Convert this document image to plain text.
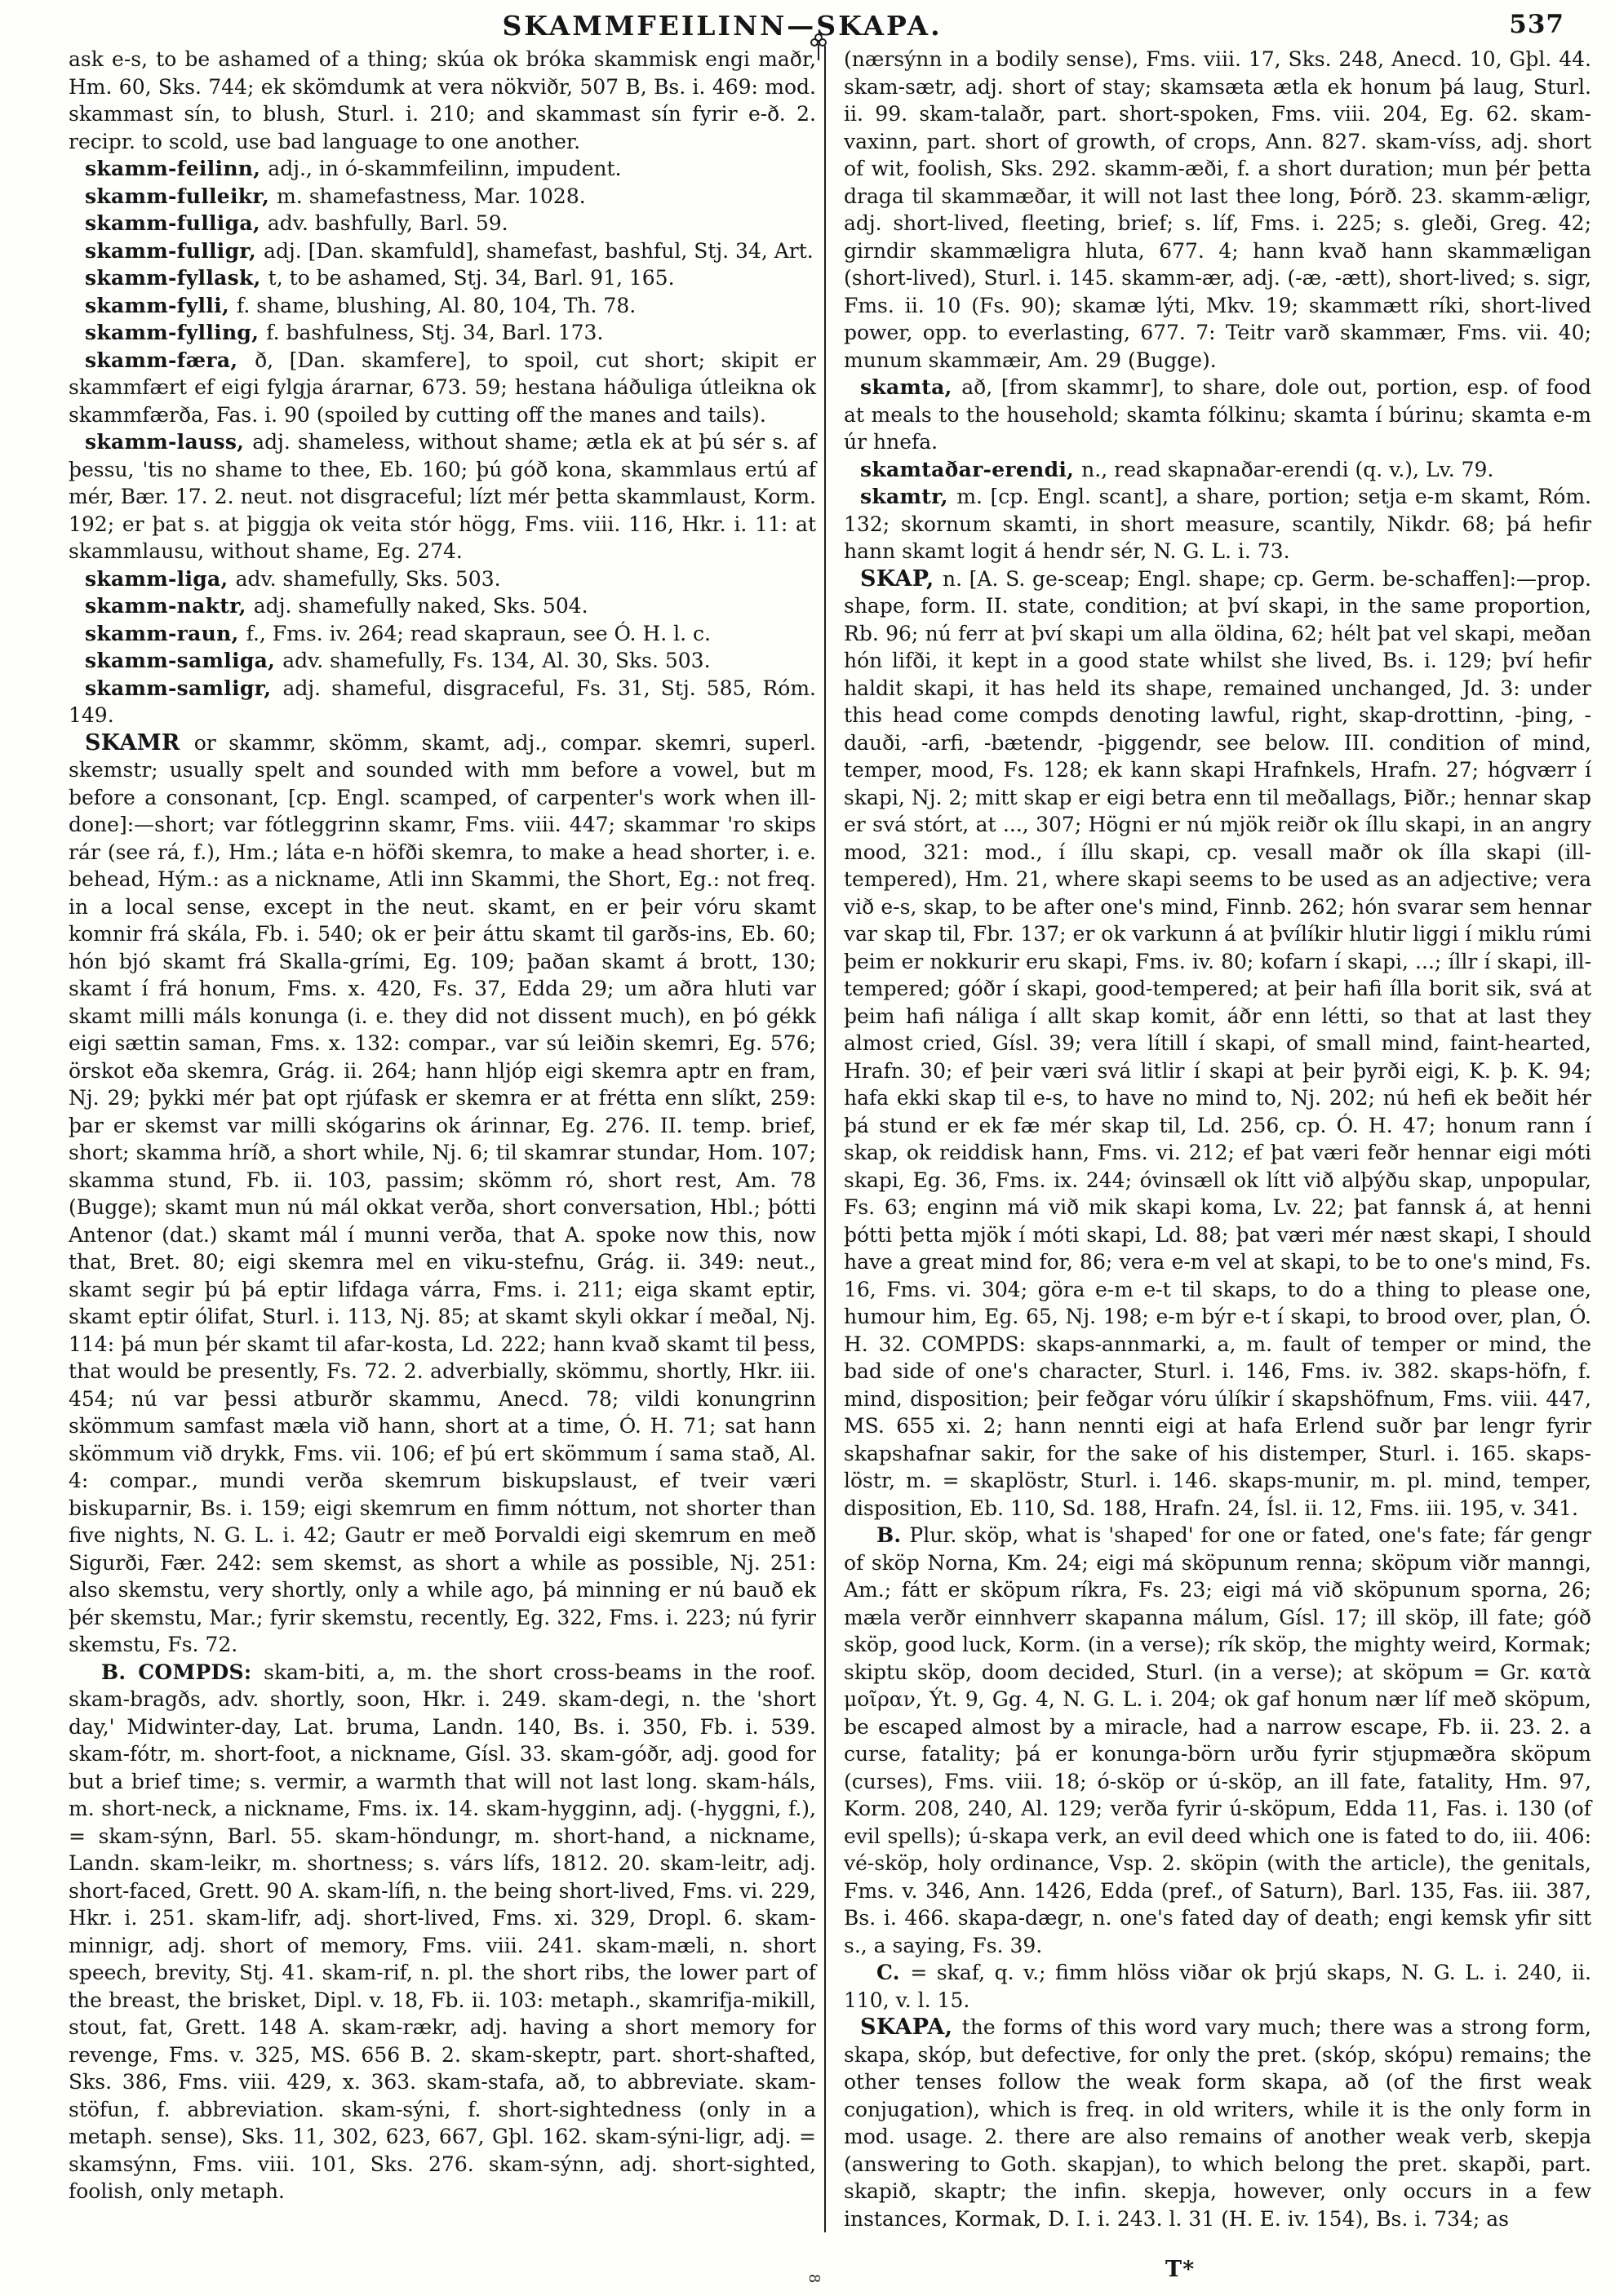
SKAMMFEILINN—SKAPA.	537

ask e-s, to be ashamed of a thing; skúa ok bróka skammisk engi maðr, Hm. 60, Sks. 744; ek skömdumk at vera nökviðr, 507 B, Bs. i. 469: mod. skammast sín, to blush, Sturl. i. 210; and skammast sín fyrir e-ð. 2. recipr. to scold, use bad language to one another.

skamm-feilinn, adj., in ó-skammfeilinn, impudent.

skamm-fulleikr, m. shamefastness, Mar. 1028.

skamm-fulliga, adv. bashfully, Barl. 59.

skamm-fulligr, adj. [Dan. skamfuld], shamefast, bashful, Stj. 34, Art.

skamm-fyllask, t, to be ashamed, Stj. 34, Barl. 91, 165.

skamm-fylli, f. shame, blushing, Al. 80, 104, Th. 78.

skamm-fylling, f. bashfulness, Stj. 34, Barl. 173.

skamm-færa, ð, [Dan. skamfere], to spoil, cut short; skipit er skammfært ef eigi fylgja árarnar, 673. 59; hestana háðuliga útleikna ok skammfærða, Fas. i. 90 (spoiled by cutting off the manes and tails).

skamm-lauss, adj. shameless, without shame; ætla ek at þú sér s. af þessu, 'tis no shame to thee, Eb. 160; þú góð kona, skammlaus ertú af mér, Bær. 17. 2. neut. not disgraceful; lízt mér þetta skammlaust, Korm. 192; er þat s. at þiggja ok veita stór högg, Fms. viii. 116, Hkr. i. 11: at skammlausu, without shame, Eg. 274.

skamm-liga, adv. shamefully, Sks. 503.

skamm-naktr, adj. shamefully naked, Sks. 504.

skamm-raun, f., Fms. iv. 264; read skapraun, see Ó. H. l. c.

skamm-samliga, adv. shamefully, Fs. 134, Al. 30, Sks. 503.

skamm-samligr, adj. shameful, disgraceful, Fs. 31, Stj. 585, Róm. 149.

SKAMR or skammr, skömm, skamt, adj., compar. skemri, superl. skemstr; usually spelt and sounded with mm before a vowel, but m before a consonant, [cp. Engl. scamped, of carpenter's work when ill-done]:—short; var fótleggrinn skamr, Fms. viii. 447; skammar 'ro skips rár (see rá, f.), Hm.; láta e-n höfði skemra, to make a head shorter, i. e. behead, Hým.: as a nickname, Atli inn Skammi, the Short, Eg.: not freq. in a local sense, except in the neut. skamt, en er þeir vóru skamt komnir frá skála, Fb. i. 540; ok er þeir áttu skamt til garðs-ins, Eb. 60; hón bjó skamt frá Skalla-grími, Eg. 109; þaðan skamt á brott, 130; skamt í frá honum, Fms. x. 420, Fs. 37, Edda 29; um aðra hluti var skamt milli máls konunga (i. e. they did not dissent much), en þó gékk eigi sættin saman, Fms. x. 132: compar., var sú leiðin skemri, Eg. 576; örskot eða skemra, Grág. ii. 264; hann hljóp eigi skemra aptr en fram, Nj. 29; þykki mér þat opt rjúfask er skemra er at frétta enn slíkt, 259: þar er skemst var milli skógarins ok árinnar, Eg. 276. II. temp. brief, short; skamma hríð, a short while, Nj. 6; til skamrar stundar, Hom. 107; skamma stund, Fb. ii. 103, passim; skömm ró, short rest, Am. 78 (Bugge); skamt mun nú mál okkat verða, short conversation, Hbl.; þótti Antenor (dat.) skamt mál í munni verða, that A. spoke now this, now that, Bret. 80; eigi skemra mel en viku-stefnu, Grág. ii. 349: neut., skamt segir þú þá eptir lifdaga várra, Fms. i. 211; eiga skamt eptir, skamt eptir ólifat, Sturl. i. 113, Nj. 85; at skamt skyli okkar í meðal, Nj. 114: þá mun þér skamt til afar-kosta, Ld. 222; hann kvað skamt til þess, that would be presently, Fs. 72. 2. adverbially, skömmu, shortly, Hkr. iii. 454; nú var þessi atburðr skammu, Anecd. 78; vildi konungrinn skömmum samfast mæla við hann, short at a time, Ó. H. 71; sat hann skömmum við drykk, Fms. vii. 106; ef þú ert skömmum í sama stað, Al. 4: compar., mundi verða skemrum biskupslaust, ef tveir væri biskuparnir, Bs. i. 159; eigi skemrum en fimm nóttum, not shorter than five nights, N. G. L. i. 42; Gautr er með Þorvaldi eigi skemrum en með Sigurði, Fær. 242: sem skemst, as short a while as possible, Nj. 251: also skemstu, very shortly, only a while ago, þá minning er nú bauð ek þér skemstu, Mar.; fyrir skemstu, recently, Eg. 322, Fms. i. 223; nú fyrir skemstu, Fs. 72.

B. COMPDS: skam-biti, a, m. the short cross-beams in the roof. skam-bragðs, adv. shortly, soon, Hkr. i. 249. skam-degi, n. the 'short day,' Midwinter-day, Lat. bruma, Landn. 140, Bs. i. 350, Fb. i. 539. skam-fótr, m. short-foot, a nickname, Gísl. 33. skam-góðr, adj. good for but a brief time; s. vermir, a warmth that will not last long. skam-háls, m. short-neck, a nickname, Fms. ix. 14. skam-hygginn, adj. (-hyggni, f.), = skam-sýnn, Barl. 55. skam-höndungr, m. short-hand, a nickname, Landn. skam-leikr, m. shortness; s. várs lífs, 1812. 20. skam-leitr, adj. short-faced, Grett. 90 A. skam-lífi, n. the being short-lived, Fms. vi. 229, Hkr. i. 251. skam-lifr, adj. short-lived, Fms. xi. 329, Dropl. 6. skam-minnigr, adj. short of memory, Fms. viii. 241. skam-mæli, n. short speech, brevity, Stj. 41. skam-rif, n. pl. the short ribs, the lower part of the breast, the brisket, Dipl. v. 18, Fb. ii. 103: metaph., skamrifja-mikill, stout, fat, Grett. 148 A. skam-rækr, adj. having a short memory for revenge, Fms. v. 325, MS. 656 B. 2. skam-skeptr, part. short-shafted, Sks. 386, Fms. viii. 429, x. 363. skam-stafa, að, to abbreviate. skam-stöfun, f. abbreviation. skam-sýni, f. short-sightedness (only in a metaph. sense), Sks. 11, 302, 623, 667, Gþl. 162. skam-sýni-ligr, adj. = skamsýnn, Fms. viii. 101, Sks. 276. skam-sýnn, adj. short-sighted, foolish, only metaph.

(nærsýnn in a bodily sense), Fms. viii. 17, Sks. 248, Anecd. 10, Gþl. 44. skam-sætr, adj. short of stay; skamsæta ætla ek honum þá laug, Sturl. ii. 99. skam-talaðr, part. short-spoken, Fms. viii. 204, Eg. 62. skam-vaxinn, part. short of growth, of crops, Ann. 827. skam-víss, adj. short of wit, foolish, Sks. 292. skamm-æði, f. a short duration; mun þér þetta draga til skammæðar, it will not last thee long, Þórð. 23. skamm-æligr, adj. short-lived, fleeting, brief; s. líf, Fms. i. 225; s. gleði, Greg. 42; girndir skammæligra hluta, 677. 4; hann kvað hann skammæligan (short-lived), Sturl. i. 145. skamm-ær, adj. (-æ, -ætt), short-lived; s. sigr, Fms. ii. 10 (Fs. 90); skamæ lýti, Mkv. 19; skammætt ríki, short-lived power, opp. to everlasting, 677. 7: Teitr varð skammær, Fms. vii. 40; munum skammæir, Am. 29 (Bugge).

skamta, að, [from skammr], to share, dole out, portion, esp. of food at meals to the household; skamta fólkinu; skamta í búrinu; skamta e-m úr hnefa.

skamtaðar-erendi, n., read skapnaðar-erendi (q. v.), Lv. 79.

skamtr, m. [cp. Engl. scant], a share, portion; setja e-m skamt, Róm. 132; skornum skamti, in short measure, scantily, Nikdr. 68; þá hefir hann skamt logit á hendr sér, N. G. L. i. 73.

SKAP, n. [A. S. ge-sceap; Engl. shape; cp. Germ. be-schaffen]:—prop. shape, form. II. state, condition; at því skapi, in the same proportion, Rb. 96; nú ferr at því skapi um alla öldina, 62; hélt þat vel skapi, meðan hón lifði, it kept in a good state whilst she lived, Bs. i. 129; því hefir haldit skapi, it has held its shape, remained unchanged, Jd. 3: under this head come compds denoting lawful, right, skap-drottinn, -þing, -dauði, -arfi, -bætendr, -þiggendr, see below. III. condition of mind, temper, mood, Fs. 128; ek kann skapi Hrafnkels, Hrafn. 27; hógværr í skapi, Nj. 2; mitt skap er eigi betra enn til meðallags, Þiðr.; hennar skap er svá stórt, at ..., 307; Högni er nú mjök reiðr ok íllu skapi, in an angry mood, 321: mod., í íllu skapi, cp. vesall maðr ok ílla skapi (ill-tempered), Hm. 21, where skapi seems to be used as an adjective; vera við e-s, skap, to be after one's mind, Finnb. 262; hón svarar sem hennar var skap til, Fbr. 137; er ok varkunn á at þvílíkir hlutir liggi í miklu rúmi þeim er nokkurir eru skapi, Fms. iv. 80; kofarn í skapi, ...; íllr í skapi, ill-tempered; góðr í skapi, good-tempered; at þeir hafi ílla borit sik, svá at þeim hafi náliga í allt skap komit, áðr enn létti, so that at last they almost cried, Gísl. 39; vera lítill í skapi, of small mind, faint-hearted, Hrafn. 30; ef þeir væri svá litlir í skapi at þeir þyrði eigi, K. þ. K. 94; hafa ekki skap til e-s, to have no mind to, Nj. 202; nú hefi ek beðit hér þá stund er ek fæ mér skap til, Ld. 256, cp. Ó. H. 47; honum rann í skap, ok reiddisk hann, Fms. vi. 212; ef þat væri feðr hennar eigi móti skapi, Eg. 36, Fms. ix. 244; óvinsæll ok lítt við alþýðu skap, unpopular, Fs. 63; enginn má við mik skapi koma, Lv. 22; þat fannsk á, at henni þótti þetta mjök í móti skapi, Ld. 88; þat væri mér næst skapi, I should have a great mind for, 86; vera e-m vel at skapi, to be to one's mind, Fs. 16, Fms. vi. 304; göra e-m e-t til skaps, to do a thing to please one, humour him, Eg. 65, Nj. 198; e-m býr e-t í skapi, to brood over, plan, Ó. H. 32. COMPDS: skaps-annmarki, a, m. fault of temper or mind, the bad side of one's character, Sturl. i. 146, Fms. iv. 382. skaps-höfn, f. mind, disposition; þeir feðgar vóru úlíkir í skapshöfnum, Fms. viii. 447, MS. 655 xi. 2; hann nennti eigi at hafa Erlend suðr þar lengr fyrir skapshafnar sakir, for the sake of his distemper, Sturl. i. 165. skaps-löstr, m. = skaplöstr, Sturl. i. 146. skaps-munir, m. pl. mind, temper, disposition, Eb. 110, Sd. 188, Hrafn. 24, Ísl. ii. 12, Fms. iii. 195, v. 341.

B. Plur. sköp, what is 'shaped' for one or fated, one's fate; fár gengr of sköp Norna, Km. 24; eigi má sköpunum renna; sköpum viðr manngi, Am.; fátt er sköpum ríkra, Fs. 23; eigi má við sköpunum sporna, 26; mæla verðr einnhverr skapanna málum, Gísl. 17; ill sköp, ill fate; góð sköp, good luck, Korm. (in a verse); rík sköp, the mighty weird, Kormak; skiptu sköp, doom decided, Sturl. (in a verse); at sköpum = Gr. κατὰ μοῖραν, Ýt. 9, Gg. 4, N. G. L. i. 204; ok gaf honum nær líf með sköpum, be escaped almost by a miracle, had a narrow escape, Fb. ii. 23. 2. a curse, fatality; þá er konunga-börn urðu fyrir stjupmæðra sköpum (curses), Fms. viii. 18; ó-sköp or ú-sköp, an ill fate, fatality, Hm. 97, Korm. 208, 240, Al. 129; verða fyrir ú-sköpum, Edda 11, Fas. i. 130 (of evil spells); ú-skapa verk, an evil deed which one is fated to do, iii. 406: vé-sköp, holy ordinance, Vsp. 2. sköpin (with the article), the genitals, Fms. v. 346, Ann. 1426, Edda (pref., of Saturn), Barl. 135, Fas. iii. 387, Bs. i. 466. skapa-dægr, n. one's fated day of death; engi kemsk yfir sitt s., a saying, Fs. 39.

C. = skaf, q. v.; fimm hlöss viðar ok þrjú skaps, N. G. L. i. 240, ii. 110, v. l. 15.

SKAPA, the forms of this word vary much; there was a strong form, skapa, skóp, but defective, for only the pret. (skóp, skópu) remains; the other tenses follow the weak form skapa, að (of the first weak conjugation), which is freq. in old writers, while it is the only form in mod. usage. 2. there are also remains of another weak verb, skepja (answering to Goth. skapjan), to which belong the pret. skapði, part. skapið, skaptr; the infin. skepja, however, only occurs in a few instances, Kormak, D. I. i. 243. l. 31 (H. E. iv. 154), Bs. i. 734; as

8	T*
